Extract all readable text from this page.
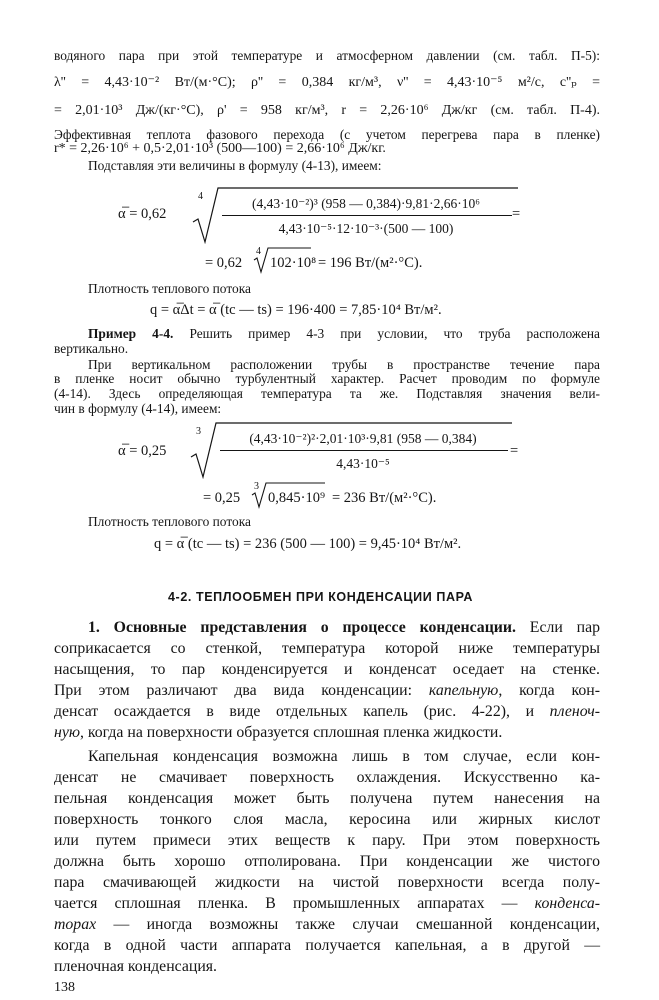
водяного пара при этой температуре и атмосферном давлении (см. табл. П-5):
λ'' = 4,43·10⁻² Вт/(м·°C); ρ'' = 0,384 кг/м³, ν'' = 4,43·10⁻⁵ м²/с, c''ₚ =
= 2,01·10³ Дж/(кг·°C), ρ' = 958 кг/м³, r = 2,26·10⁶ Дж/кг (см. табл. П-4).
Эффективная теплота фазового перехода (с учетом перегрева пара в пленке)
r* = 2,26·10⁶ + 0,5·2,01·10³ (500—100) = 2,66·10⁶ Дж/кг.
Подставляя эти величины в формулу (4-13), имеем:
α̅ = 0,62
4	(4,43·10⁻²)³ (958 — 0,384)·9,81·2,66·10⁶
4,43·10⁻⁵·12·10⁻³·(500 — 100)
=
= 0,62
4
102·10⁸ = 196 Вт/(м²·°C).
Плотность теплового потока
q = α̅Δt = α̅ (tс — ts) = 196·400 = 7,85·10⁴ Вт/м².
Пример 4-4. Решить пример 4-3 при условии, что труба расположена
вертикально.
При вертикальном расположении трубы в пространстве течение пара
в пленке носит обычно турбулентный характер. Расчет проводим по формуле
(4-14). Здесь определяющая температура та же. Подставляя значения вели-
чин в формулу (4-14), имеем:
α̅ = 0,25
3	(4,43·10⁻²)²·2,01·10³·9,81 (958 — 0,384)
4,43·10⁻⁵
=
= 0,25
3
0,845·10⁹ = 236 Вт/(м²·°C).
Плотность теплового потока
q = α̅ (tс — ts) = 236 (500 — 100) = 9,45·10⁴ Вт/м².
4-2. ТЕПЛООБМЕН ПРИ КОНДЕНСАЦИИ ПАРА
1. Основные представления о процессе конденсации. Если пар
соприкасается со стенкой, температура которой ниже температуры
насыщения, то пар конденсируется и конденсат оседает на стенке.
При этом различают два вида конденсации: капельную, когда кон-
денсат осаждается в виде отдельных капель (рис. 4-22), и пленоч-
ную, когда на поверхности образуется сплошная пленка жидкости.
Капельная конденсация возможна лишь в том случае, если кон-
денсат не смачивает поверхность охлаждения. Искусственно ка-
пельная конденсация может быть получена путем нанесения на
поверхность тонкого слоя масла, керосина или жирных кислот
или путем примеси этих веществ к пару. При этом поверхность
должна быть хорошо отполирована. При конденсации же чистого
пара смачивающей жидкости на чистой поверхности всегда полу-
чается сплошная пленка. В промышленных аппаратах — конденса-
торах — иногда возможны также случаи смешанной конденсации,
когда в одной части аппарата получается капельная, а в другой —
пленочная конденсация.
138
